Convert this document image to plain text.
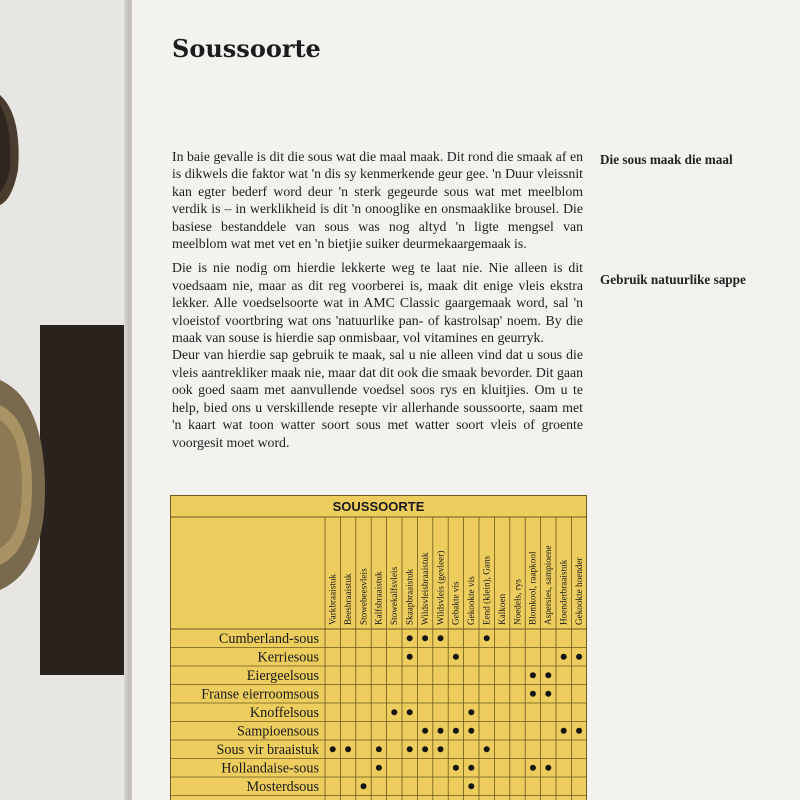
Soussoorte

In baie gevalle is dit die sous wat die maal maak. Dit rond die smaak af en is dikwels die faktor wat 'n dis sy kenmerkende geur gee. 'n Duur vleissnit kan egter bederf word deur 'n sterk gegeurde sous wat met meelblom verdik is – in werklikheid is dit 'n onooglike en onsmaaklike brousel. Die basiese bestanddele van sous was nog altyd 'n ligte mengsel van meelblom wat met vet en 'n bietjie suiker deurmekaargemaak is.

Die is nie nodig om hierdie lekkerte weg te laat nie. Nie alleen is dit voedsaam nie, maar as dit reg voorberei is, maak dit enige vleis ekstra lekker. Alle voedselsoorte wat in AMC Classic gaargemaak word, sal 'n vloeistof voortbring wat ons 'natuurlike pan- of kastrolsap' noem. By die maak van souse is hierdie sap onmisbaar, vol vitamines en geurryk.

Deur van hierdie sap gebruik te maak, sal u nie alleen vind dat u sous die vleis aantrekliker maak nie, maar dat dit ook die smaak bevorder. Dit gaan ook goed saam met aanvullende voedsel soos rys en kluitjies. Om u te help, bied ons u verskillende resepte vir allerhande soussoorte, saam met 'n kaart wat toon watter soort sous met watter soort vleis of groente voorgesit moet word.

Die sous maak die maal
Gebruik natuurlike sappe
SOUSSOORTE
Varkbraaistuk Beesbraaistuk Stowebeesvleis Kalfsbraaistuk Stowekalfsvleis Skaapbraaistuk Wildsvleisbraaistuk Wildsvleis (gevleer) Gebakte vis Gekookte vis Eend (klein), Gans Kalkoen Noedels, rys Blomkool, raapkool Aspersies, sampioene Hoenderbraaistuk Gekookte hoender
Cumberland-sous
Kerriesous
Eiergeelsous
Franse eierroomsous
Knoffelsous
Sampioensous
Sous vir braaistuk
Hollandaise-sous
Mosterdsous
